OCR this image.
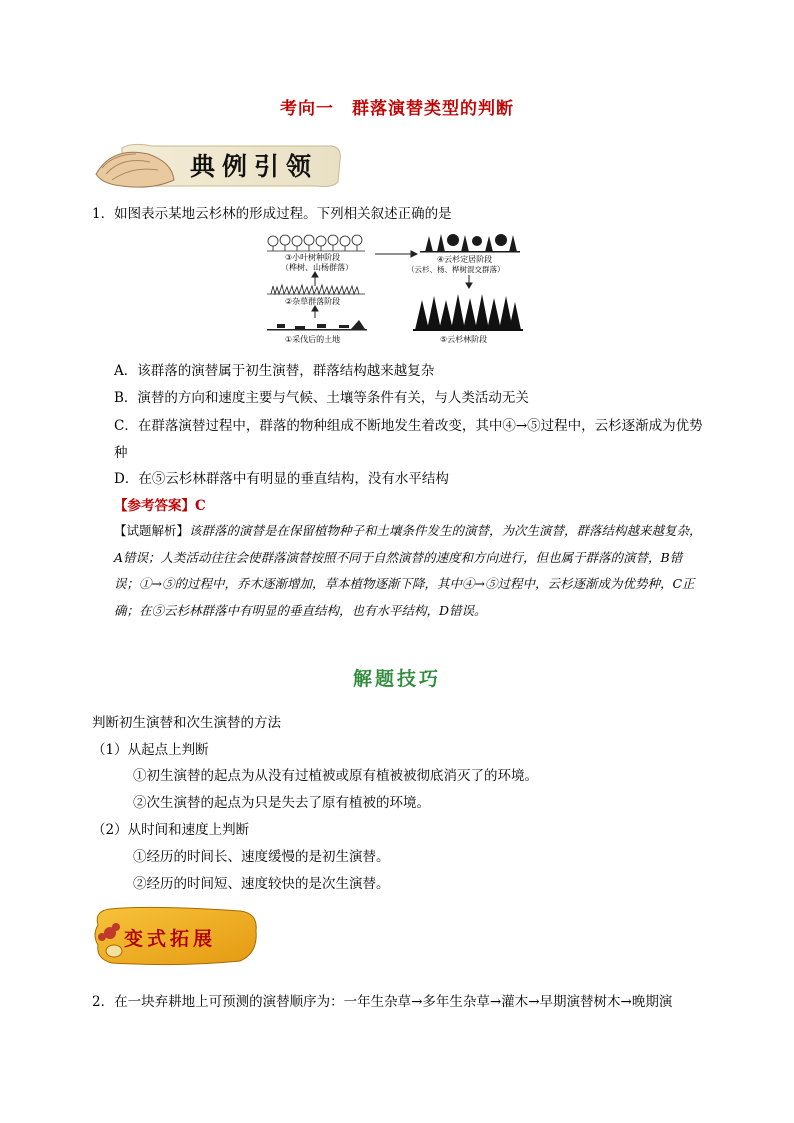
考向一　群落演替类型的判断
典例引领
1．如图表示某地云杉林的形成过程。下列相关叙述正确的是
③小叶树种阶段
（桦树、山杨群落）
④云杉定居阶段
（云杉、杨、桦树混交群落）
②杂草群落阶段
①采伐后的土地	⑤云杉林阶段
A．该群落的演替属于初生演替，群落结构越来越复杂
B．演替的方向和速度主要与气候、土壤等条件有关，与人类活动无关
C．在群落演替过程中，群落的物种组成不断地发生着改变，其中④→⑤过程中，云杉逐渐成为优势种
D．在⑤云杉林群落中有明显的垂直结构，没有水平结构
【参考答案】C
【试题解析】该群落的演替是在保留植物种子和土壤条件发生的演替，为次生演替，群落结构越来越复杂，A错误；人类活动往往会使群落演替按照不同于自然演替的速度和方向进行，但也属于群落的演替，B错误；①→⑤的过程中，乔木逐渐增加，草本植物逐渐下降，其中④→⑤过程中，云杉逐渐成为优势种，C正确；在⑤云杉林群落中有明显的垂直结构，也有水平结构，D错误。
解题技巧
判断初生演替和次生演替的方法
（1）从起点上判断
①初生演替的起点为从没有过植被或原有植被被彻底消灭了的环境。
②次生演替的起点为只是失去了原有植被的环境。
（2）从时间和速度上判断
①经历的时间长、速度缓慢的是初生演替。
②经历的时间短、速度较快的是次生演替。
变式拓展
2．在一块弃耕地上可预测的演替顺序为：一年生杂草→多年生杂草→灌木→早期演替树木→晚期演
